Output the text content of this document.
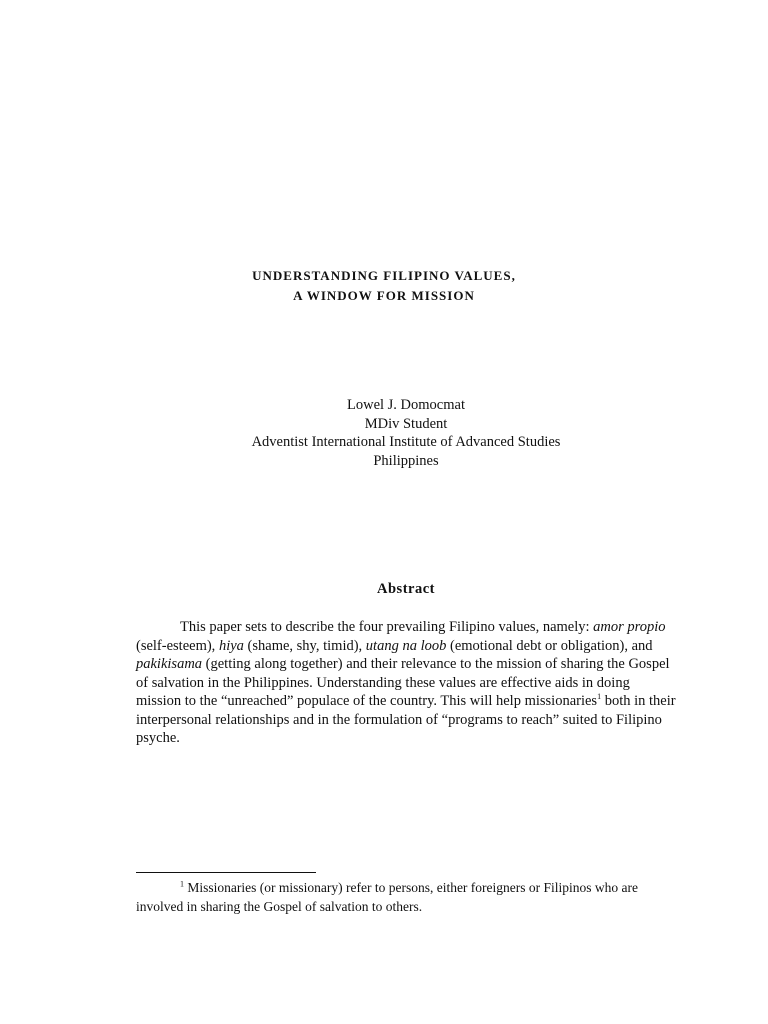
UNDERSTANDING FILIPINO VALUES,
A WINDOW FOR MISSION
Lowel J. Domocmat
MDiv Student
Adventist International Institute of Advanced Studies
Philippines
Abstract
This paper sets to describe the four prevailing Filipino values, namely: amor propio (self-esteem), hiya (shame, shy, timid), utang na loob (emotional debt or obligation), and pakikisama (getting along together) and their relevance to the mission of sharing the Gospel of salvation in the Philippines. Understanding these values are effective aids in doing mission to the “unreached” populace of the country. This will help missionaries$^1$ both in their interpersonal relationships and in the formulation of “programs to reach” suited to Filipino psyche.
$^1$ Missionaries (or missionary) refer to persons, either foreigners or Filipinos who are involved in sharing the Gospel of salvation to others.
